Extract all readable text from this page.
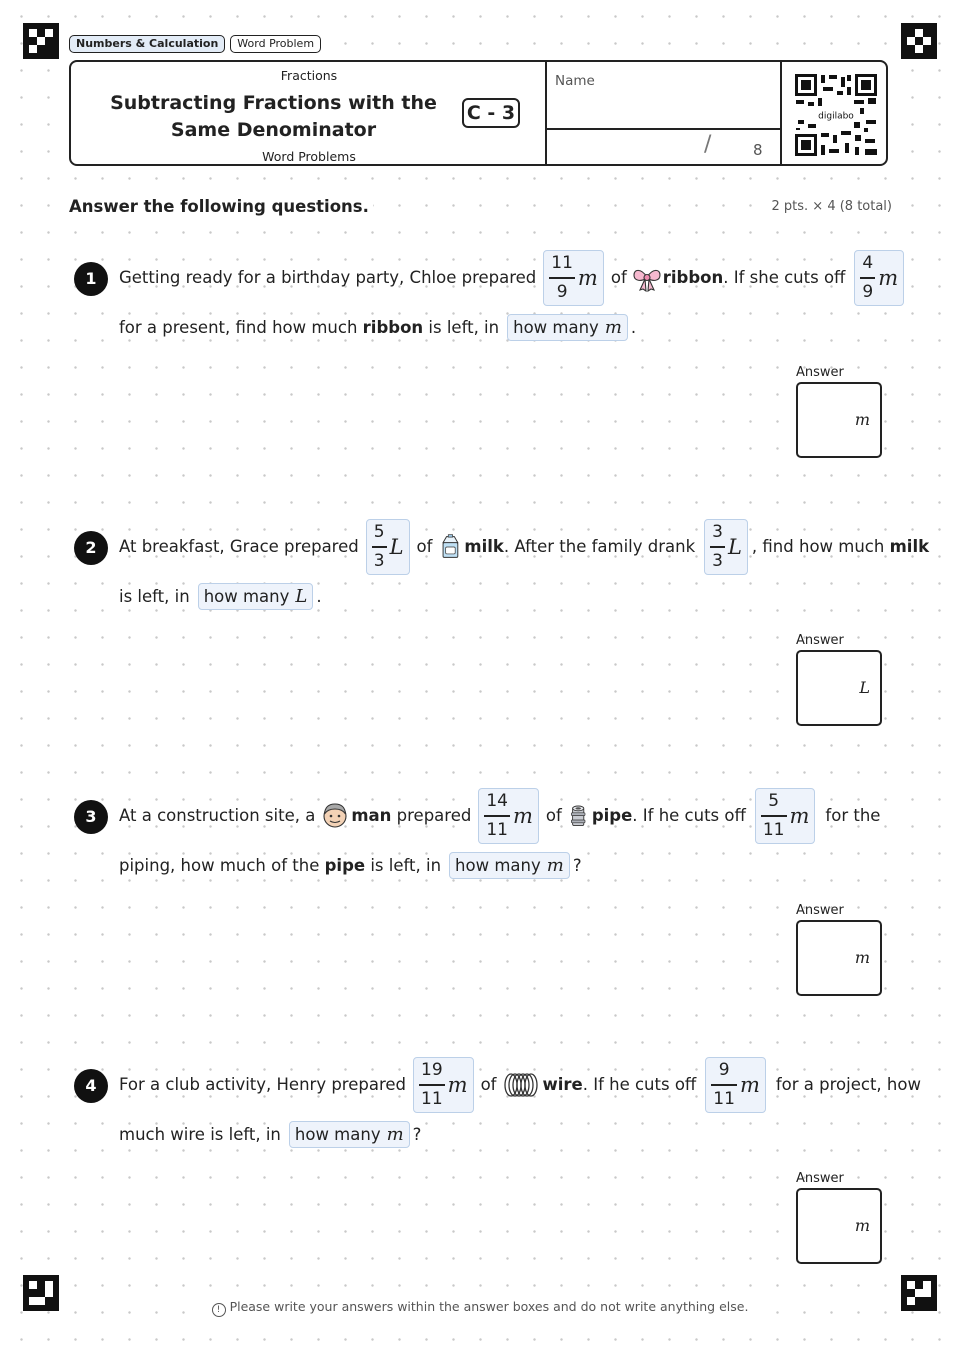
Numbers & Calculation	Word Problem
Fractions
Subtracting Fractions with the
Same Denominator
C - 3
Word Problems
Name
/	8
digilabo
Answer the following questions.	2 pts. × 4 (8 total)
1	Getting ready for a birthday party, Chloe prepared $\frac{11}{9}$ m of ribbon . If she cuts off $\frac{4}{9}$ m
for a present, find how much
ribbon
is left, in how many m .
Answer
m
2	At breakfast, Grace prepared $\frac{5}{3}$ L of milk . After the family drank $\frac{3}{3}$ L , find how much
milk
is left, in how many L .
Answer
L
3	At a construction site, a man
prepared $\frac{14}{11}$ m of pipe . If he cuts off $\frac{5}{11}$ m for the
piping, how much of the
pipe
is left, in how many m ?
Answer
m
4	For a club activity, Henry prepared $\frac{19}{11}$ m of	wire . If he cuts off $\frac{9}{11}$ m for a project, how
much wire is left, in how many m ?
Answer
m
! Please write your answers within the answer boxes and do not write anything else.
